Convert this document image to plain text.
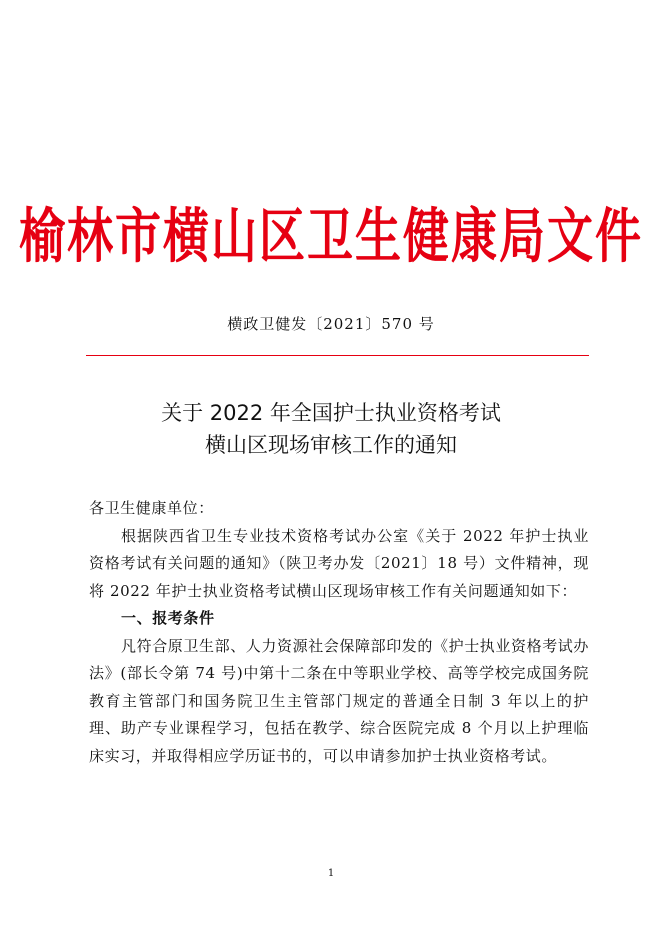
榆林市横山区卫生健康局文件
横政卫健发〔2021〕570 号
关于 2022 年全国护士执业资格考试
横山区现场审核工作的通知

各卫生健康单位：

根据陕西省卫生专业技术资格考试办公室《关于 2022 年护士执业资格考试有关问题的通知》（陕卫考办发〔2021〕18 号）文件精神，现将 2022 年护士执业资格考试横山区现场审核工作有关问题通知如下：

一、报考条件

凡符合原卫生部、人力资源社会保障部印发的《护士执业资格考试办法》(部长令第 74 号)中第十二条在中等职业学校、高等学校完成国务院教育主管部门和国务院卫生主管部门规定的普通全日制 3 年以上的护理、助产专业课程学习，包括在教学、综合医院完成 8 个月以上护理临床实习，并取得相应学历证书的，可以申请参加护士执业资格考试。

1
